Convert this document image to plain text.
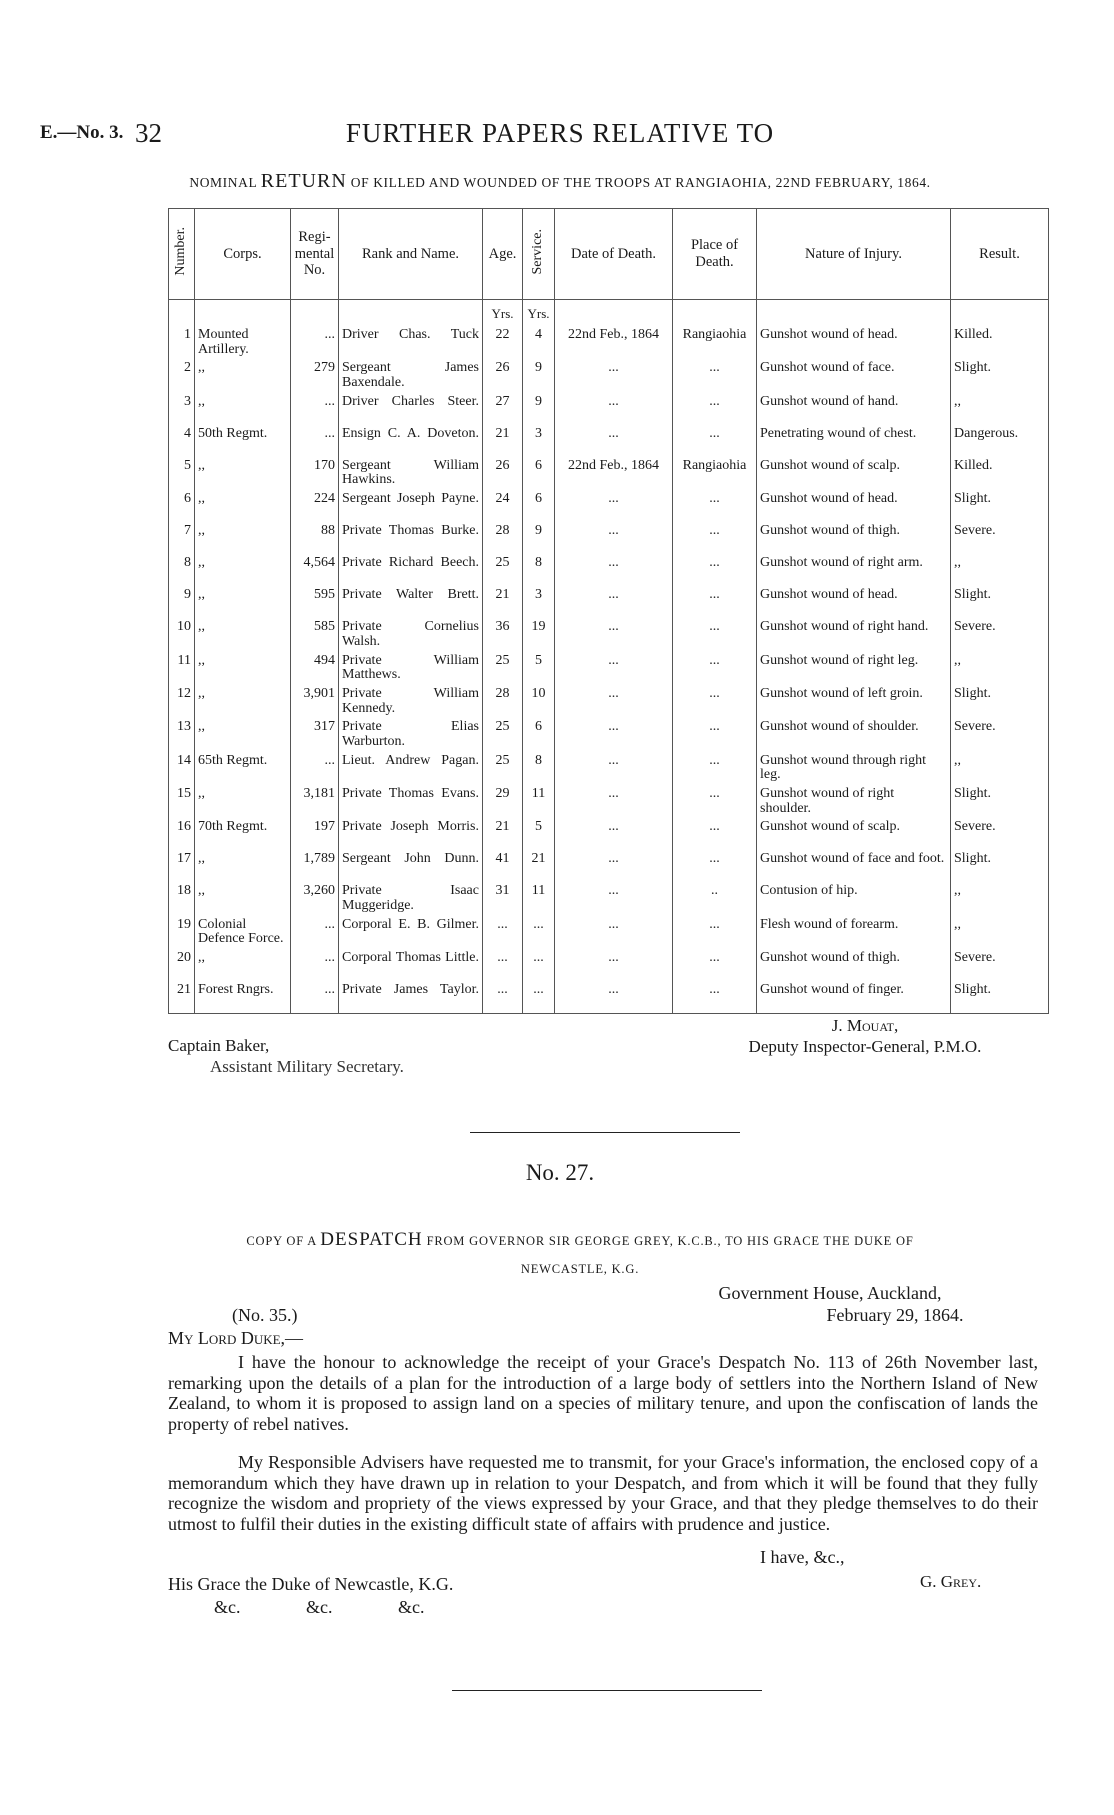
E.—No. 3. 32	FURTHER PAPERS RELATIVE TO
NOMINAL RETURN OF KILLED AND WOUNDED OF THE TROOPS AT RANGIAOHIA, 22ND FEBRUARY, 1864.
Number.	Corps.	Regi-mental No.	Rank and Name.	Age.	Service.	Date of Death.	Place of Death.	Nature of Injury.	Result.
				Yrs.	Yrs.				
1	Mounted Artillery.	...	Driver Chas. Tuck	22	4	22nd Feb., 1864	Rangiaohia	Gunshot wound of head.	Killed.
2	,,	279	Sergeant James Baxendale.	26	9	...	...	Gunshot wound of face.	Slight.
3	,,	...	Driver Charles Steer.	27	9	...	...	Gunshot wound of hand.	,,
4	50th Regmt.	...	Ensign C. A. Doveton.	21	3	...	...	Penetrating wound of chest.	Dangerous.
5	,,	170	Sergeant William Hawkins.	26	6	22nd Feb., 1864	Rangiaohia	Gunshot wound of scalp.	Killed.
6	,,	224	Sergeant Joseph Payne.	24	6	...	...	Gunshot wound of head.	Slight.
7	,,	88	Private Thomas Burke.	28	9	...	...	Gunshot wound of thigh.	Severe.
8	,,	4,564	Private Richard Beech.	25	8	...	...	Gunshot wound of right arm.	,,
9	,,	595	Private Walter Brett.	21	3	...	...	Gunshot wound of head.	Slight.
10	,,	585	Private Cornelius Walsh.	36	19	...	...	Gunshot wound of right hand.	Severe.
11	,,	494	Private William Matthews.	25	5	...	...	Gunshot wound of right leg.	,,
12	,,	3,901	Private William Kennedy.	28	10	...	...	Gunshot wound of left groin.	Slight.
13	,,	317	Private Elias Warburton.	25	6	...	...	Gunshot wound of shoulder.	Severe.
14	65th Regmt.	...	Lieut. Andrew Pagan.	25	8	...	...	Gunshot wound through right leg.	,,
15	,,	3,181	Private Thomas Evans.	29	11	...	...	Gunshot wound of right shoulder.	Slight.
16	70th Regmt.	197	Private Joseph Morris.	21	5	...	...	Gunshot wound of scalp.	Severe.
17	,,	1,789	Sergeant John Dunn.	41	21	...	...	Gunshot wound of face and foot.	Slight.
18	,,	3,260	Private Isaac Muggeridge.	31	11	...	..	Contusion of hip.	,,
19	Colonial Defence Force.	...	Corporal E. B. Gilmer.	...	...	...	...	Flesh wound of forearm.	,,
20	,,	...	Corporal Thomas Little.	...	...	...	...	Gunshot wound of thigh.	Severe.
21	Forest Rngrs.	...	Private James Taylor.	...	...	...	...	Gunshot wound of finger.	Slight.
Captain Baker,
Assistant Military Secretary.
J. Mouat,
Deputy Inspector-General, P.M.O.
No. 27.
COPY OF A DESPATCH FROM GOVERNOR SIR GEORGE GREY, K.C.B., TO HIS GRACE THE DUKE OF
NEWCASTLE, K.G.
Government House, Auckland,
February 29, 1864.
(No. 35.)
My Lord Duke,—

I have the honour to acknowledge the receipt of your Grace's Despatch No. 113 of 26th November last, remarking upon the details of a plan for the introduction of a large body of settlers into the Northern Island of New Zealand, to whom it is proposed to assign land on a species of military tenure, and upon the confiscation of lands the property of rebel natives.

My Responsible Advisers have requested me to transmit, for your Grace's information, the enclosed copy of a memorandum which they have drawn up in relation to your Despatch, and from which it will be found that they fully recognize the wisdom and propriety of the views expressed by your Grace, and that they pledge themselves to do their utmost to fulfil their duties in the existing difficult state of affairs with prudence and justice.

I have, &c.,
G. Grey.
His Grace the Duke of Newcastle, K.G.

&c.	&c.	&c.
